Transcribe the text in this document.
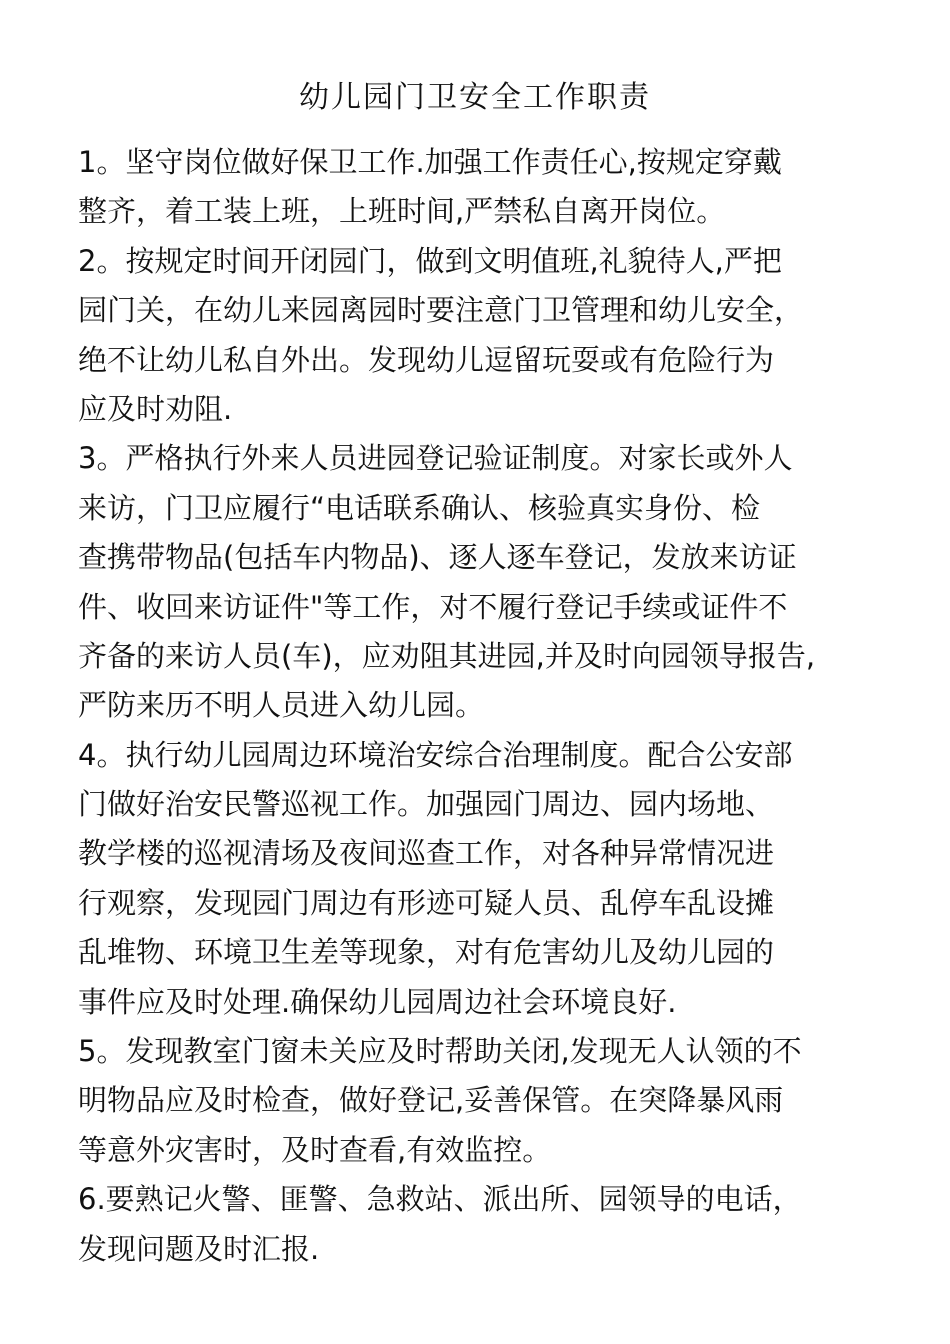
幼儿园门卫安全工作职责
1。坚守岗位做好保卫工作.加强工作责任心,按规定穿戴
整齐，着工装上班，上班时间,严禁私自离开岗位。
2。按规定时间开闭园门，做到文明值班,礼貌待人,严把
园门关，在幼儿来园离园时要注意门卫管理和幼儿安全，
绝不让幼儿私自外出。发现幼儿逗留玩耍或有危险行为
应及时劝阻.
3。严格执行外来人员进园登记验证制度。对家长或外人
来访，门卫应履行“电话联系确认、核验真实身份、检
查携带物品(包括车内物品)、逐人逐车登记，发放来访证
件、收回来访证件"等工作，对不履行登记手续或证件不
齐备的来访人员(车)，应劝阻其进园,并及时向园领导报告,
严防来历不明人员进入幼儿园。
4。执行幼儿园周边环境治安综合治理制度。配合公安部
门做好治安民警巡视工作。加强园门周边、园内场地、
教学楼的巡视清场及夜间巡查工作，对各种异常情况进
行观察，发现园门周边有形迹可疑人员、乱停车乱设摊
乱堆物、环境卫生差等现象，对有危害幼儿及幼儿园的
事件应及时处理.确保幼儿园周边社会环境良好.
5。发现教室门窗未关应及时帮助关闭,发现无人认领的不
明物品应及时检查，做好登记,妥善保管。在突降暴风雨
等意外灾害时，及时查看,有效监控。
6.要熟记火警、匪警、急救站、派出所、园领导的电话，
发现问题及时汇报.
